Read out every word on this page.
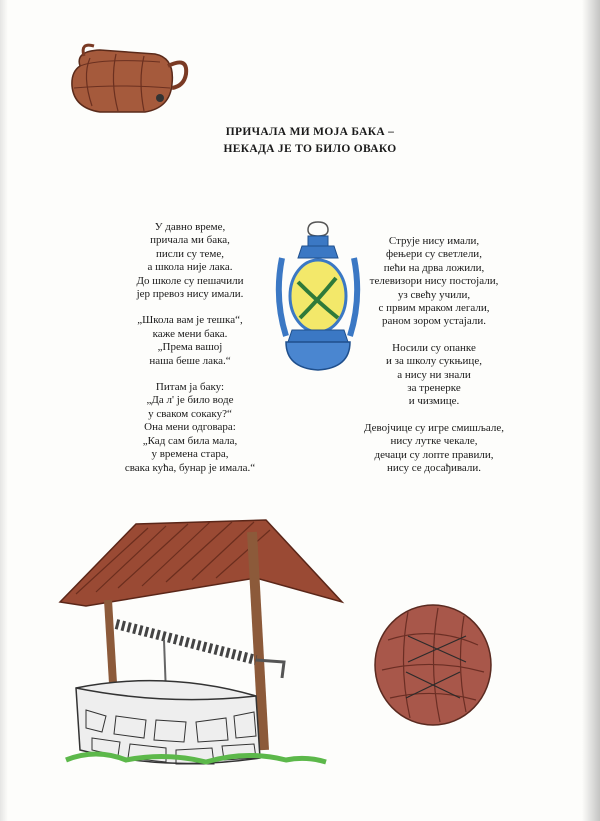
ПРИЧАЛА МИ МОЈА БАКА –
НЕКАДА ЈЕ ТО БИЛО ОВАКО
У давно време,
причала ми бака,
писли су теме,
а школа није лака.
До школе су пешачили
јер превоз нису имали.
„Школа вам је тешка“,
каже мени бака.
„Према вашој
наша беше лака.“
Питам ја баку:
„Да л' је било воде
у сваком сокаку?“
Она мени одговара:
„Кад сам била мала,
у времена стара,
свака кућа, бунар је имала.“
Струје нису имали,
фењери су светлели,
пећи на дрва ложили,
телевизори нису постојали,
уз свећу учили,
с првим мраком легали,
раном зором устајали.
Носили су опанке
и за школу сукњице,
а нису ни знали
за тренерке
и чизмице.
Девојчице су игре смишљале,
нису лутке чекале,
дечаци су лопте правили,
нису се досађивали.
